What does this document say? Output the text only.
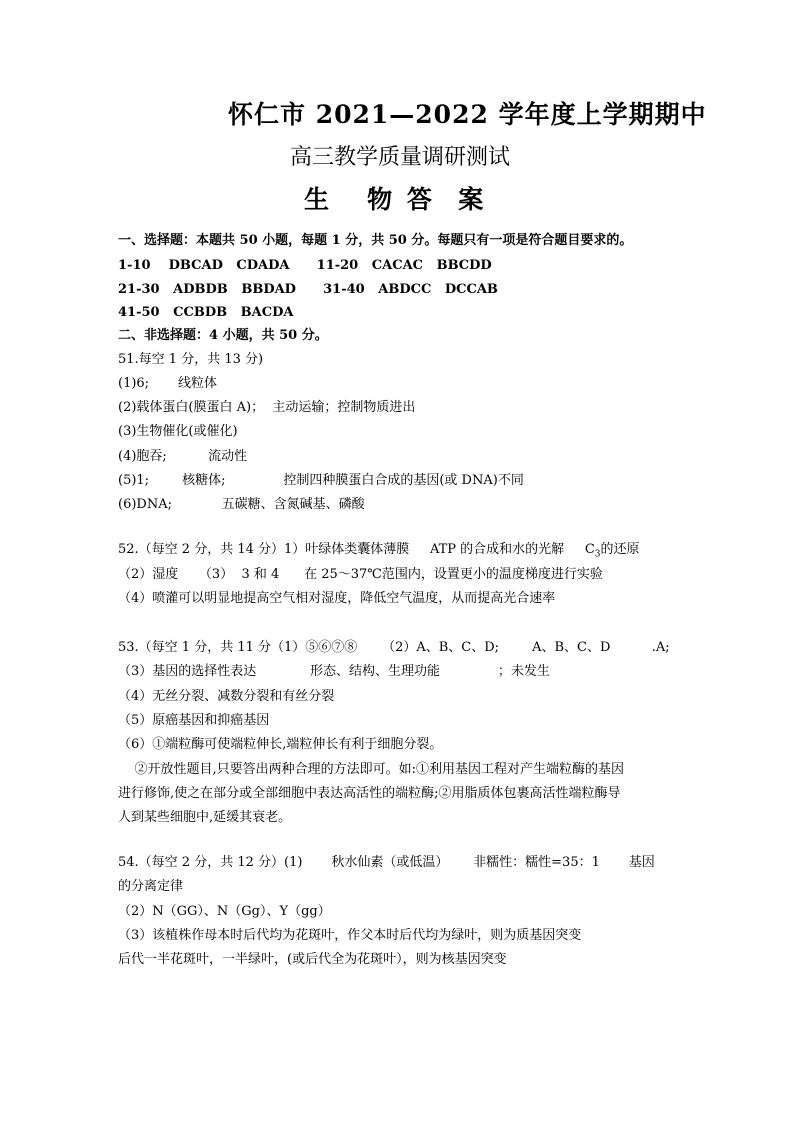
怀仁市 2021—2022 学年度上学期期中
高三教学质量调研测试
生   物 答  案
一、选择题：本题共 50 小题，每题 1 分，共 50 分。每题只有一项是符合题目要求的。
1-10    DBCAD   CDADA      11-20   CACAC   BBCDD
21-30   ADBDB   BBDAD      31-40   ABDCC   DCCAB
41-50   CCBDB   BACDA
二、非选择题：4 小题，共 50 分。
51.每空 1 分，共 13 分)
(1)6;       线粒体
(2)载体蛋白(膜蛋白 A)；  主动运输；控制物质进出
(3)生物催化(或催化)
(4)胞吞;          流动性
(5)1;        核糖体;              控制四种膜蛋白合成的基因(或 DNA)不同
(6)DNA;            五碳糖、含氮碱基、磷酸
52.（每空 2 分，共 14 分）1）叶绿体类囊体薄膜     ATP 的合成和水的光解     $C_3$的还原
（2）湿度     （3）  3 和 4      在 25～37℃范围内，设置更小的温度梯度进行实验
（4）喷灌可以明显地提高空气相对湿度，降低空气温度，从而提高光合速率
53.（每空 1 分，共 11 分（1）⑤⑥⑦⑧      （2）A、B、C、D;        A、B、C、D          .A;
（3）基因的选择性表达             形态、结构、生理功能              ；未发生
（4）无丝分裂、减数分裂和有丝分裂
（5）原癌基因和抑癌基因
（6）①端粒酶可使端粒伸长,端粒伸长有利于细胞分裂。
②开放性题目,只要答出两种合理的方法即可。如:①利用基因工程对产生端粒酶的基因
进行修饰,使之在部分或全部细胞中表达高活性的端粒酶;②用脂质体包裹高活性端粒酶导
人到某些细胞中,延缓其衰老。
54.（每空 2 分，共 12 分）(1)       秋水仙素（或低温）      非糯性：糯性=35：1       基因
的分离定律
（2）N（GG）、N（Gg）、Y（gg）
（3）该植株作母本时后代均为花斑叶，作父本时后代均为绿叶，则为质基因突变
后代一半花斑叶，一半绿叶，(或后代全为花斑叶），则为核基因突变
